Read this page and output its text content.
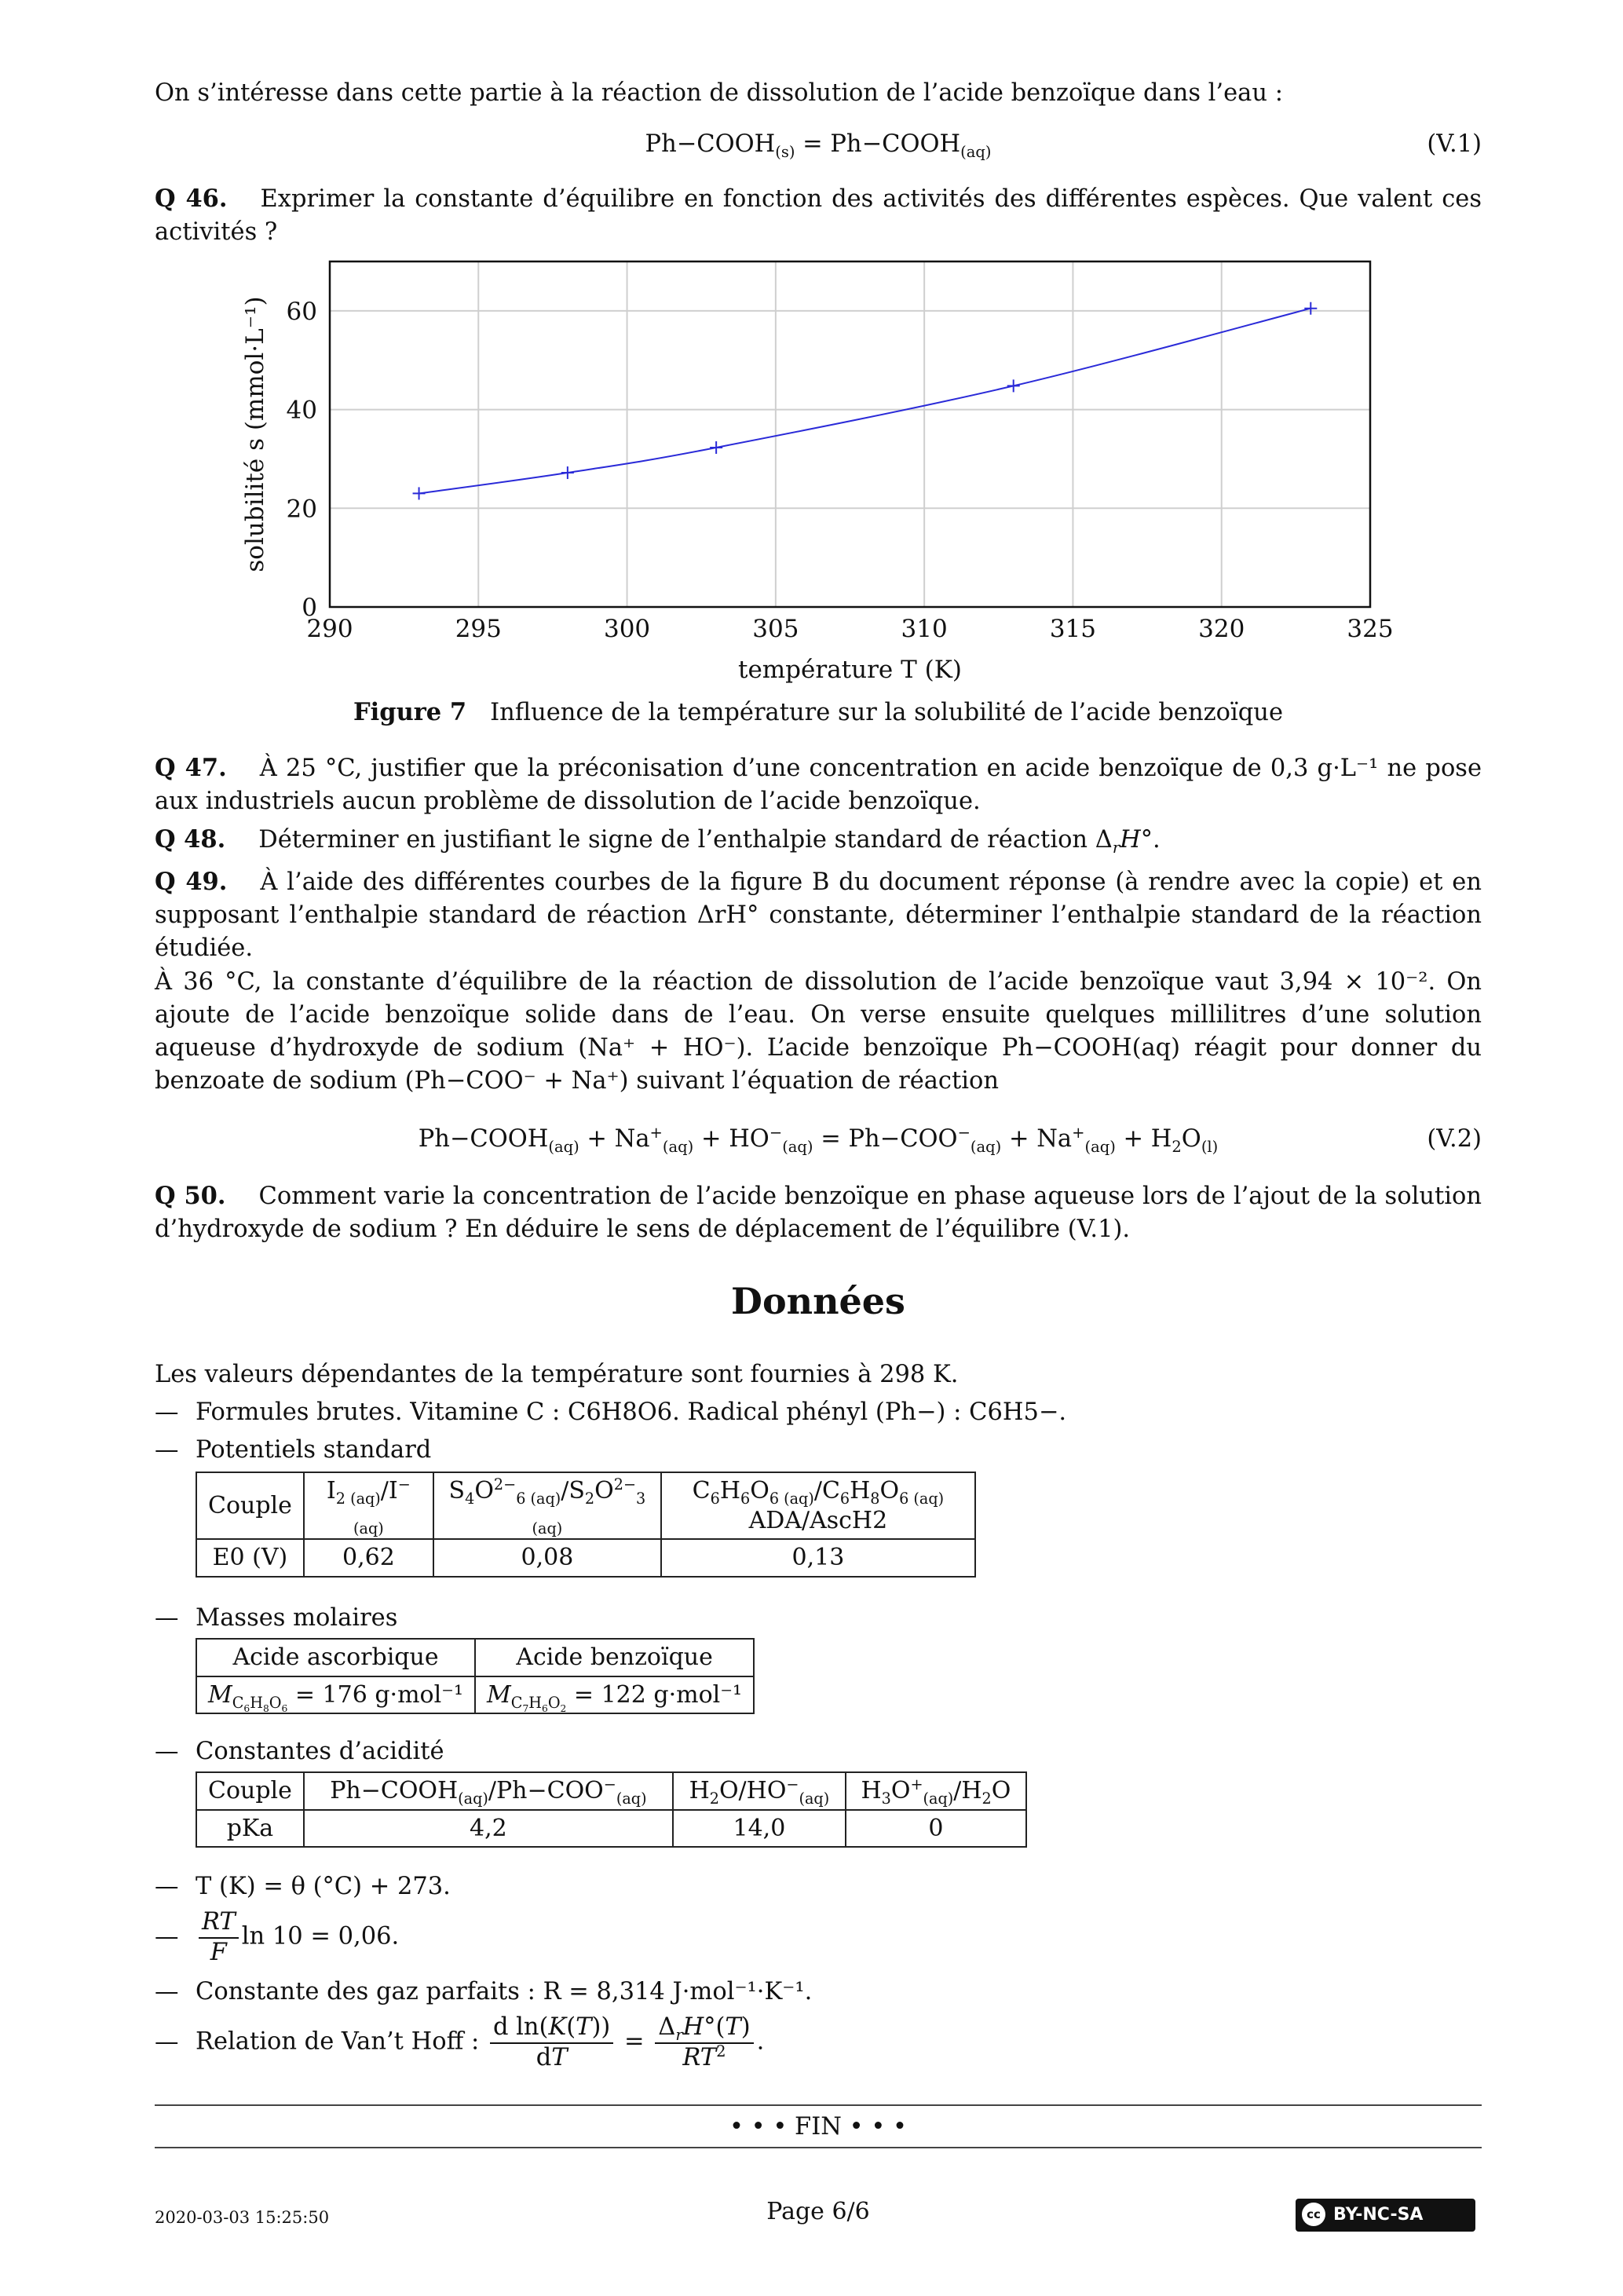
On s’intéresse dans cette partie à la réaction de dissolution de l’acide benzoïque dans l’eau :
$Ph-COOH_{(s)}$ = $Ph-COOH_{(aq)}$	(V.1)
Q 46. Exprimer la constante d’équilibre en fonction des activités des différentes espèces. Que valent ces activités ?
290	295	300	305	310	315	320	325
0
20
40
60
température T (K)
solubilité s (mmol·L⁻¹)
Figure 7 Influence de la température sur la solubilité de l’acide benzoïque
Q 47. À 25 °C, justifier que la préconisation d’une concentration en acide benzoïque de 0,3 g·L⁻¹ ne pose aux industriels aucun problème de dissolution de l’acide benzoïque.
Q 48. Déterminer en justifiant le signe de l’enthalpie standard de réaction $\Delta_rH^\circ$.
Q 49. À l’aide des différentes courbes de la figure B du document réponse (à rendre avec la copie) et en supposant l’enthalpie standard de réaction ΔrH° constante, déterminer l’enthalpie standard de la réaction étudiée.
À 36 °C, la constante d’équilibre de la réaction de dissolution de l’acide benzoïque vaut 3,94 × 10⁻². On ajoute de l’acide benzoïque solide dans de l’eau. On verse ensuite quelques millilitres d’une solution aqueuse d’hydroxyde de sodium (Na⁺ + HO⁻). L’acide benzoïque Ph−COOH(aq) réagit pour donner du benzoate de sodium (Ph−COO⁻ + Na⁺) suivant l’équation de réaction
$Ph-COOH_{(aq)} + Na^+_{(aq)} + HO^-_{(aq)} = Ph-COO^-_{(aq)} + Na^+_{(aq)} + H_2O_{(l)}$	(V.2)
Q 50. Comment varie la concentration de l’acide benzoïque en phase aqueuse lors de l’ajout de la solution d’hydroxyde de sodium ? En déduire le sens de déplacement de l’équilibre (V.1).
Données
Les valeurs dépendantes de la température sont fournies à 298 K.
— Formules brutes. Vitamine C : C6H8O6. Radical phényl (Ph−) : C6H5−.
— Potentiels standard
Couple	$I_{2 (aq)}/I^-_{(aq)}$	$S_4O^{2-}_{6 (aq)}/S_2O^{2-}_{3 (aq)}$	$C_6H_6O_{6 (aq)}/C_6H_8O_{6 (aq)}$
ADA/AscH2
E0 (V)	0,62	0,08	0,13
— Masses molaires
Acide ascorbique	Acide benzoïque
$M_{C_6H_8O_6} = 176$ g·mol⁻¹	$M_{C_7H_6O_2} = 122$ g·mol⁻¹
— Constantes d’acidité
Couple	$Ph-COOH_{(aq)}/Ph-COO^-_{(aq)}$	$H_2O/HO^-_{(aq)}$	$H_3O^+_{(aq)}/H_2O$
pKa	4,2	14,0	0
— T (K) = θ (°C) + 273.
— $\frac{RT}{F}$ ln 10 = 0,06.
— Constante des gaz parfaits : R = 8,314 J·mol⁻¹·K⁻¹.
— Relation de Van’t Hoff : $\frac{\text{d ln(K(T))}}{dT} = \frac{\Delta_rH^\circ(T)}{RT^2}$ .
• • • FIN • • •
2020-03-03 15:25:50	Page 6/6	cc BY-NC-SA
